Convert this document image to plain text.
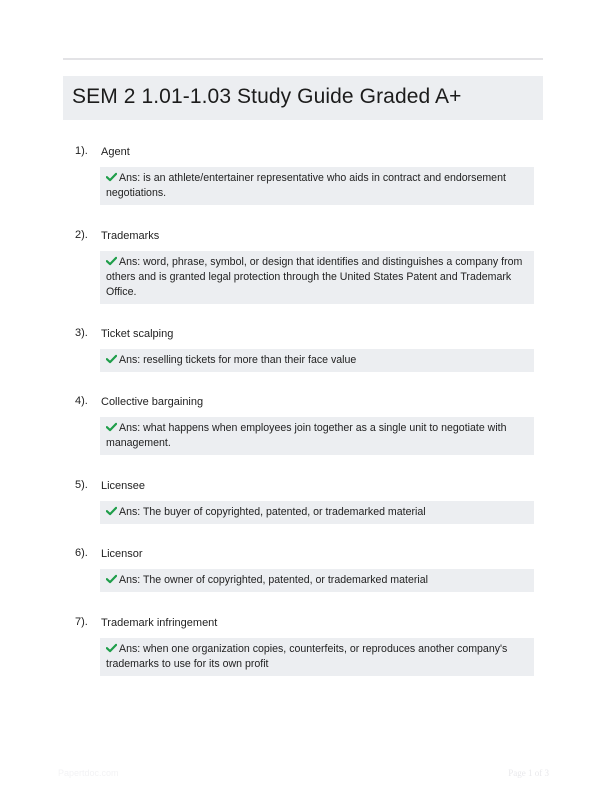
SEM 2 1.01-1.03 Study Guide Graded A+
1). Agent
Ans: is an athlete/entertainer representative who aids in contract and endorsement negotiations.
2). Trademarks
Ans: word, phrase, symbol, or design that identifies and distinguishes a company from others and is granted legal protection through the United States Patent and Trademark Office.
3). Ticket scalping
Ans: reselling tickets for more than their face value
4). Collective bargaining
Ans: what happens when employees join together as a single unit to negotiate with management.
5). Licensee
Ans: The buyer of copyrighted, patented, or trademarked material
6). Licensor
Ans: The owner of copyrighted, patented, or trademarked material
7). Trademark infringement
Ans: when one organization copies, counterfeits, or reproduces another company's trademarks to use for its own profit
Papertdoc.com	Page 1 of 3
